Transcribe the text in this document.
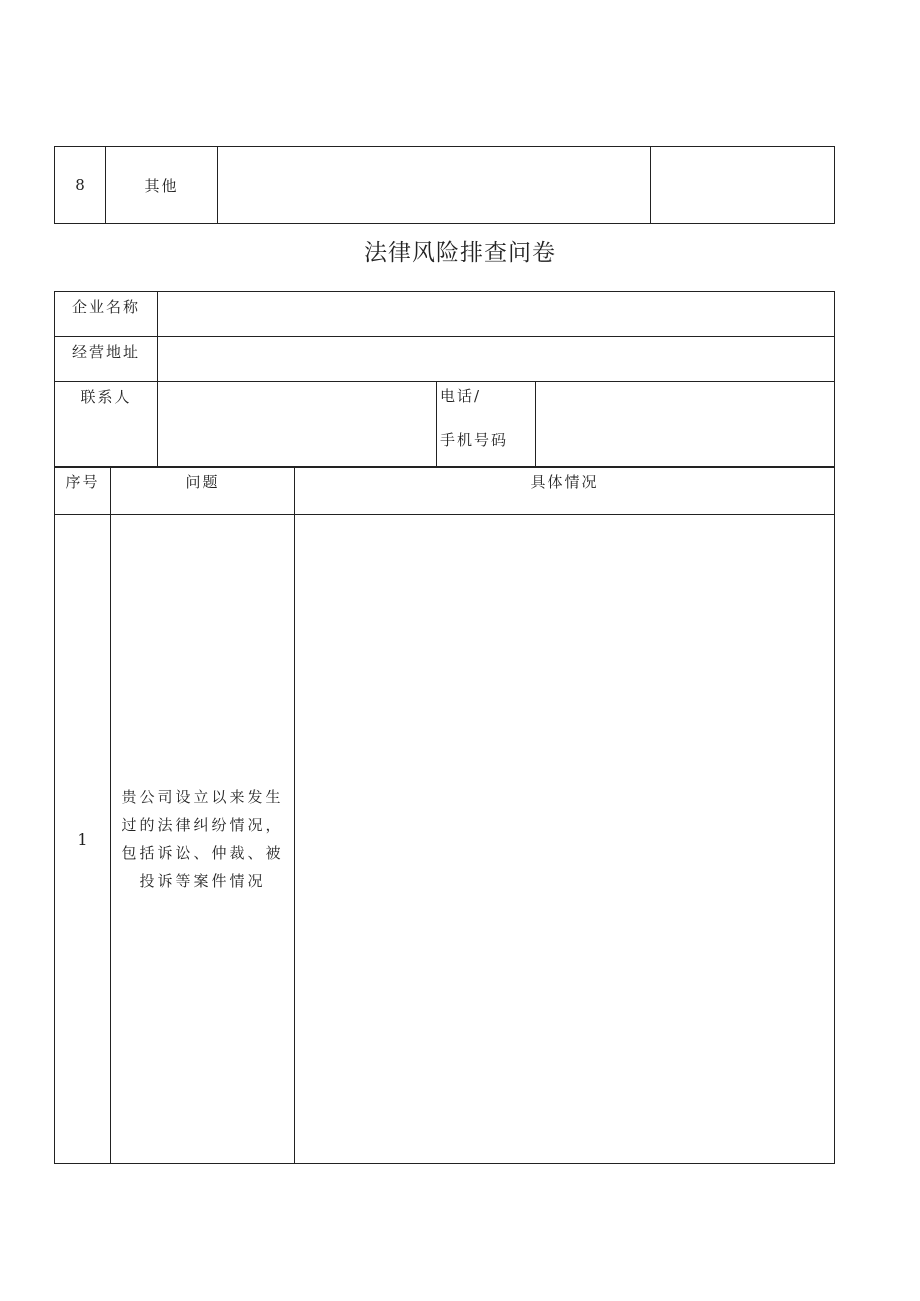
8	其他		
法律风险排查问卷
企业名称			
经营地址			
联系人		电话/
手机号码	

序号	问题	具体情况
1	贵公司设立以来发生过的法律纠纷情况，包括诉讼、仲裁、被投诉等案件情况	
